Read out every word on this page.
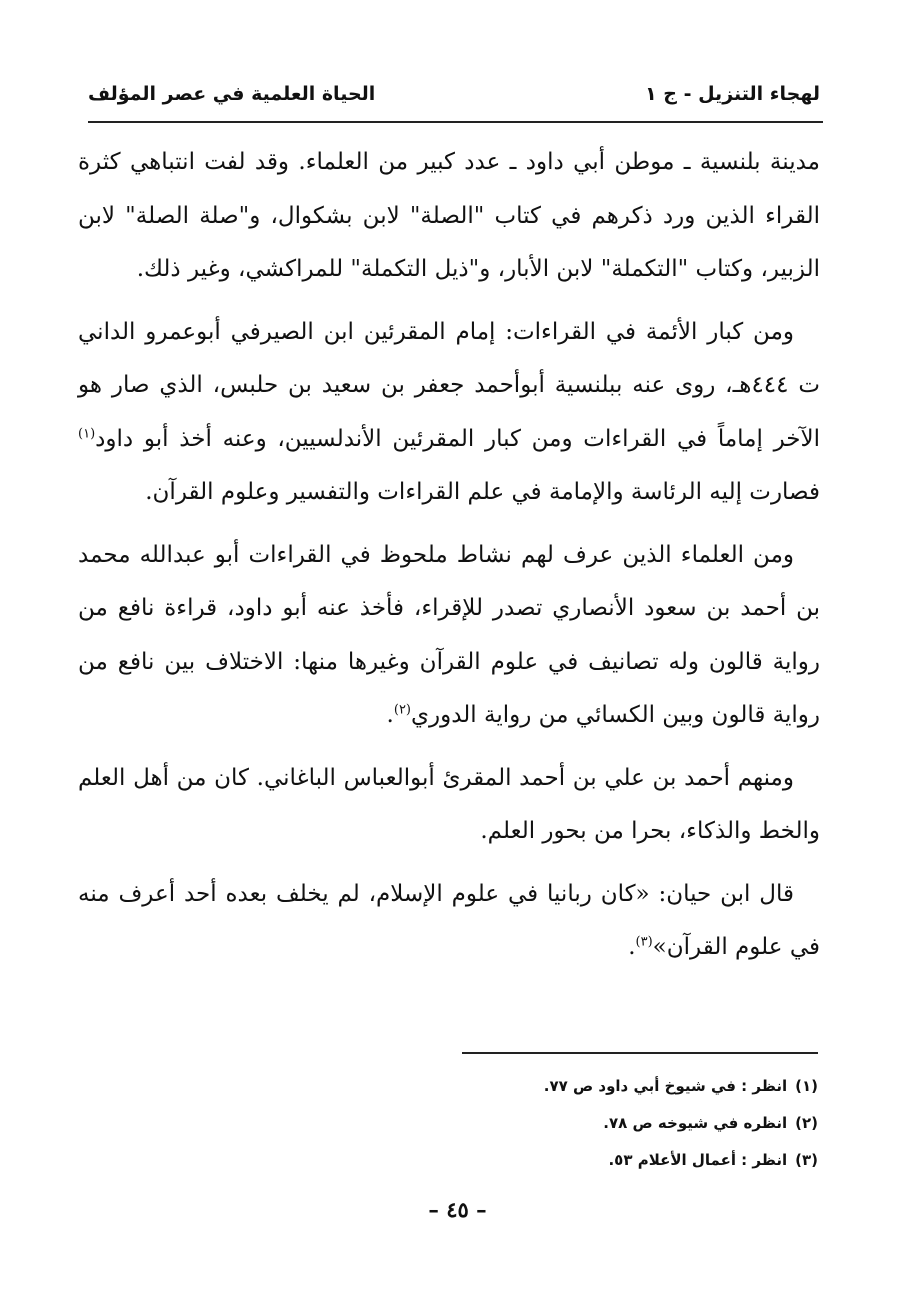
لهجاء التنزيل - ج ١
الحياة العلمية في عصر المؤلف

مدينة بلنسية ـ موطن أبي داود ـ عدد كبير من العلماء. وقد لفت انتباهي كثرة القراء الذين ورد ذكرهم في كتاب "الصلة" لابن بشكوال، و"صلة الصلة" لابن الزبير، وكتاب "التكملة" لابن الأبار، و"ذيل التكملة" للمراكشي، وغير ذلك.

ومن كبار الأئمة في القراءات: إمام المقرئين ابن الصيرفي أبوعمرو الداني ت ٤٤٤هـ، روى عنه ببلنسية أبوأحمد جعفر بن سعيد بن حلبس، الذي صار هو الآخر إماماً في القراءات ومن كبار المقرئين الأندلسيين، وعنه أخذ أبو داود$^{(١)}$ فصارت إليه الرئاسة والإمامة في علم القراءات والتفسير وعلوم القرآن.

ومن العلماء الذين عرف لهم نشاط ملحوظ في القراءات أبو عبدالله محمد بن أحمد بن سعود الأنصاري تصدر للإقراء، فأخذ عنه أبو داود، قراءة نافع من رواية قالون وله تصانيف في علوم القرآن وغيرها منها: الاختلاف بين نافع من رواية قالون وبين الكسائي من رواية الدوري$^{(٢)}$.

ومنهم أحمد بن علي بن أحمد المقرئ أبوالعباس الباغاني. كان من أهل العلم والخط والذكاء، بحرا من بحور العلم.

قال ابن حيان: «كان ربانيا في علوم الإسلام، لم يخلف بعده أحد أعرف منه في علوم القرآن»$^{(٣)}$.

(١)
انظر : في شيوخ أبي داود ص ٧٧.
(٢)
انظره في شيوخه ص ٧٨.
(٣)
انظر : أعمال الأعلام ٥٣.
– ٤٥ –
